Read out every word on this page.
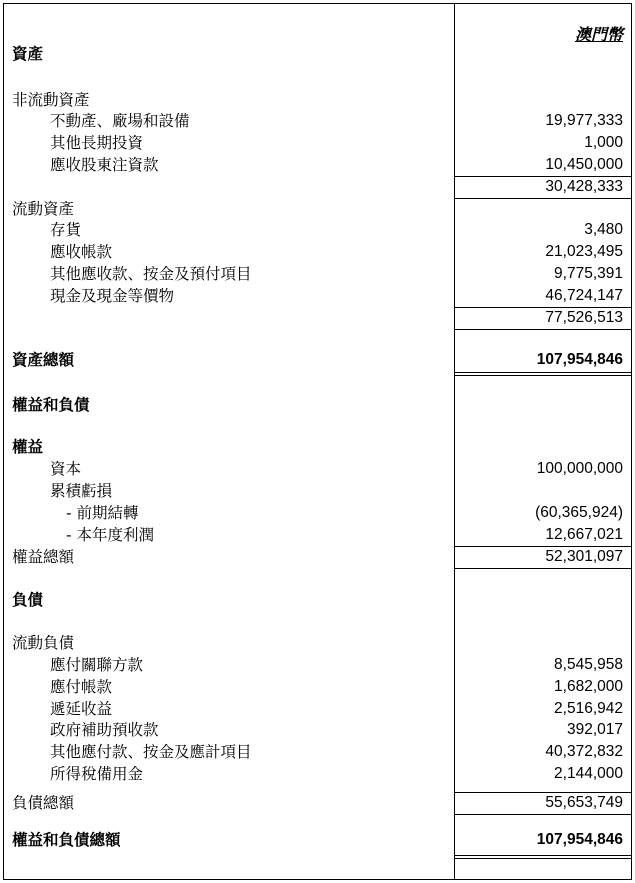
澳門幣
資產
非流動資產
不動產、廠場和設備	19,977,333
其他長期投資	1,000
應收股東注資款	10,450,000
30,428,333
流動資產
存貨	3,480
應收帳款	21,023,495
其他應收款、按金及預付項目	9,775,391
現金及現金等價物	46,724,147
77,526,513
資產總額	107,954,846
權益和負債
權益
資本	100,000,000
累積虧損
- 前期結轉	(60,365,924)
- 本年度利潤	12,667,021
權益總額	52,301,097
負債
流動負債
應付關聯方款	8,545,958
應付帳款	1,682,000
遞延收益	2,516,942
政府補助預收款	392,017
其他應付款、按金及應計項目	40,372,832
所得稅備用金	2,144,000
負債總額	55,653,749
權益和負債總額	107,954,846
